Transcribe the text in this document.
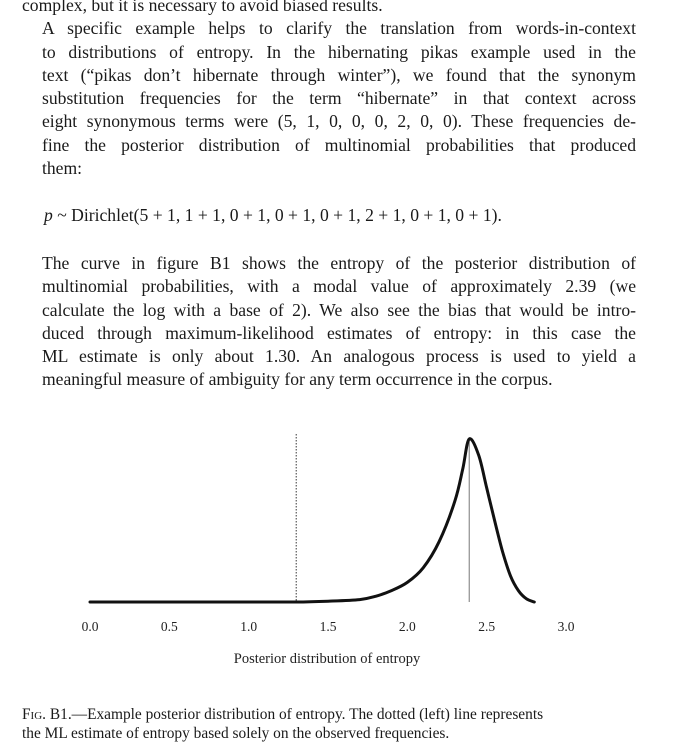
complex, but it is necessary to avoid biased results.
A specific example helps to clarify the translation from words-in-context
to distributions of entropy. In the hibernating pikas example used in the
text (“pikas don’t hibernate through winter”), we found that the synonym
substitution frequencies for the term “hibernate” in that context across
eight synonymous terms were (5, 1, 0, 0, 0, 2, 0, 0). These frequencies de-
fine the posterior distribution of multinomial probabilities that produced
them:
p ~ Dirichlet(5 + 1, 1 + 1, 0 + 1, 0 + 1, 0 + 1, 2 + 1, 0 + 1, 0 + 1).
The curve in figure B1 shows the entropy of the posterior distribution of
multinomial probabilities, with a modal value of approximately 2.39 (we
calculate the log with a base of 2). We also see the bias that would be intro-
duced through maximum-likelihood estimates of entropy: in this case the
ML estimate is only about 1.30. An analogous process is used to yield a
meaningful measure of ambiguity for any term occurrence in the corpus.
0.0	0.5	1.0	1.5	2.0	2.5	3.0
Posterior distribution of entropy
Fig. B1.—Example posterior distribution of entropy. The dotted (left) line represents
the ML estimate of entropy based solely on the observed frequencies.
